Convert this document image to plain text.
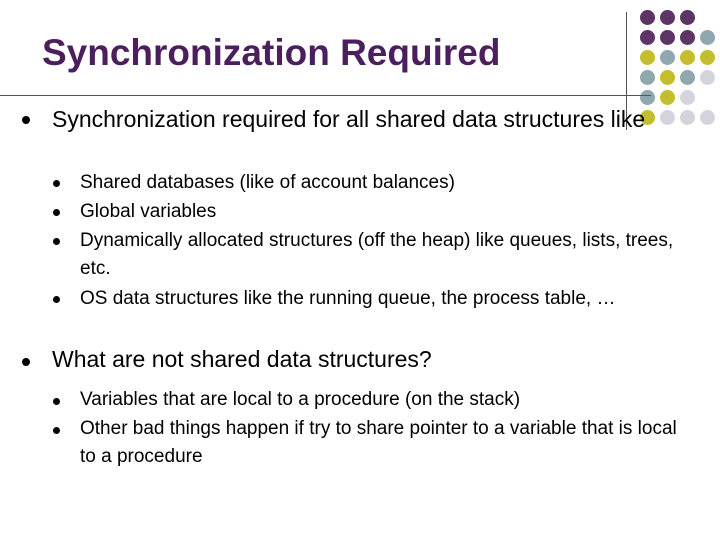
Synchronization Required
Synchronization required for all shared data structures like
Shared databases (like of account balances)
Global variables
Dynamically allocated structures (off the heap) like queues, lists, trees, etc.
OS data structures like the running queue, the process table, …
What are not shared data structures?
Variables that are local to a procedure (on the stack)
Other bad things happen if try to share pointer to a variable that is local to a procedure
